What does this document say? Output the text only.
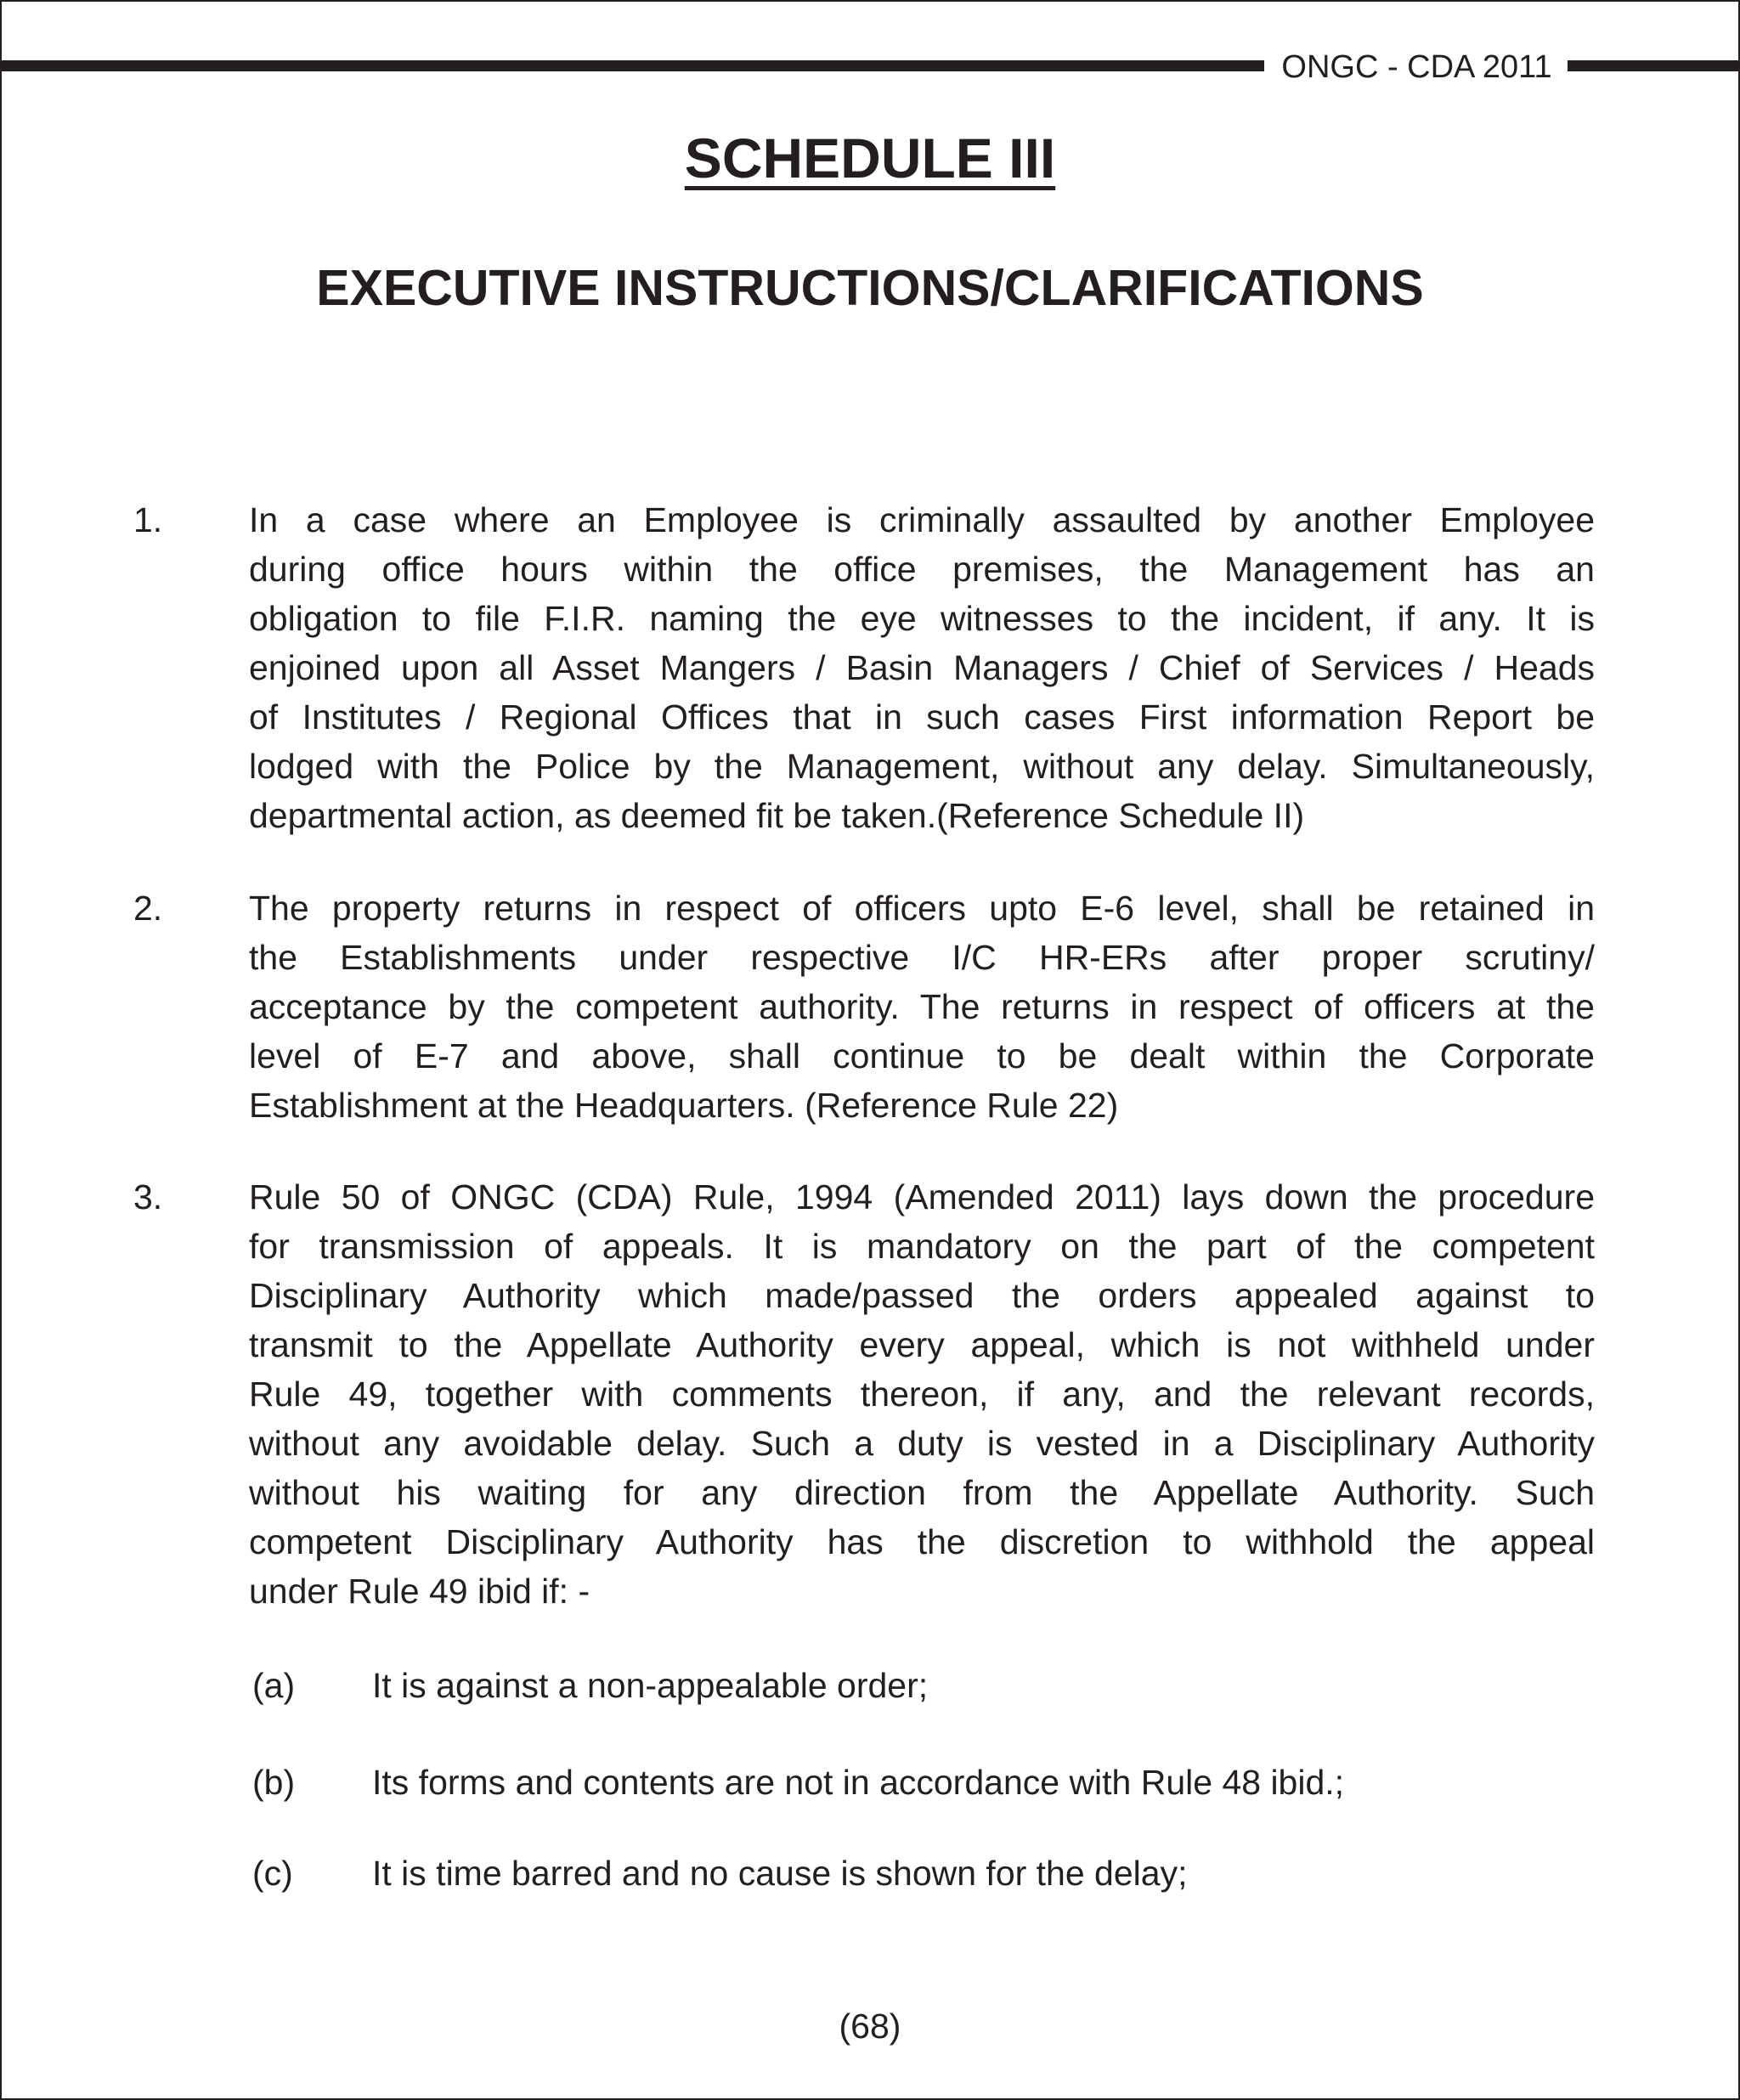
ONGC - CDA 2011
SCHEDULE III
EXECUTIVE INSTRUCTIONS/CLARIFICATIONS
1. In a case where an Employee is criminally assaulted by another Employee
during office hours within the office premises, the Management has an
obligation to file F.I.R. naming the eye witnesses to the incident, if any. It is
enjoined upon all Asset Mangers / Basin Managers / Chief of Services / Heads
of Institutes / Regional Offices that in such cases First information Report be
lodged with the Police by the Management, without any delay. Simultaneously,
departmental action, as deemed fit be taken.(Reference Schedule II)
2. The property returns in respect of officers upto E-6 level, shall be retained in
the Establishments under respective I/C HR-ERs after proper scrutiny/
acceptance by the competent authority. The returns in respect of officers at the
level of E-7 and above, shall continue to be dealt within the Corporate
Establishment at the Headquarters. (Reference Rule 22)
3. Rule 50 of ONGC (CDA) Rule, 1994 (Amended 2011) lays down the procedure
for transmission of appeals. It is mandatory on the part of the competent
Disciplinary Authority which made/passed the orders appealed against to
transmit to the Appellate Authority every appeal, which is not withheld under
Rule 49, together with comments thereon, if any, and the relevant records,
without any avoidable delay. Such a duty is vested in a Disciplinary Authority
without his waiting for any direction from the Appellate Authority. Such
competent Disciplinary Authority has the discretion to withhold the appeal
under Rule 49 ibid if: -
(a) It is against a non-appealable order;
(b) Its forms and contents are not in accordance with Rule 48 ibid.;
(c) It is time barred and no cause is shown for the delay;
(68)
